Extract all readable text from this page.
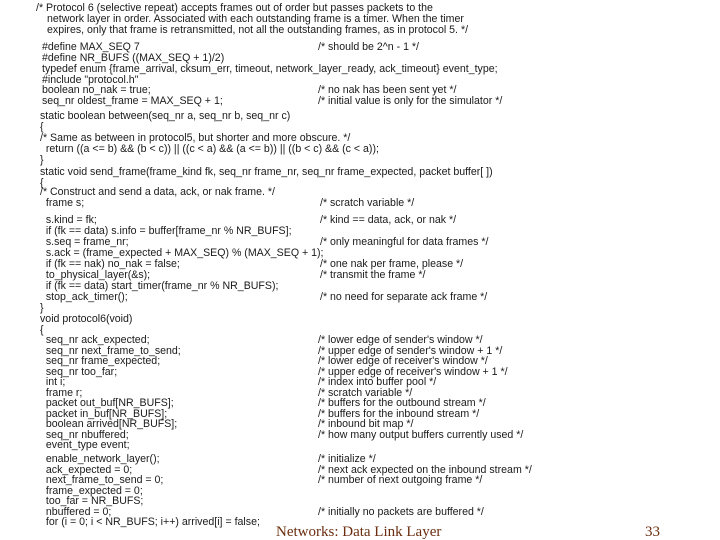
/* Protocol 6 (selective repeat) accepts frames out of order but passes packets to the
network layer in order. Associated with each outstanding frame is a timer. When the timer
expires, only that frame is retransmitted, not all the outstanding frames, as in protocol 5. */
#define MAX_SEQ 7	/* should be 2^n - 1 */
#define NR_BUFS ((MAX_SEQ + 1)/2)
typedef enum {frame_arrival, cksum_err, timeout, network_layer_ready, ack_timeout} event_type;
#include "protocol.h"
boolean no_nak = true;	/* no nak has been sent yet */
seq_nr oldest_frame = MAX_SEQ + 1;	/* initial value is only for the simulator */
static boolean between(seq_nr a, seq_nr b, seq_nr c)
{
/* Same as between in protocol5, but shorter and more obscure. */
return ((a <= b) && (b < c)) || ((c < a) && (a <= b)) || ((b < c) && (c < a));
}
static void send_frame(frame_kind fk, seq_nr frame_nr, seq_nr frame_expected, packet buffer[ ])
{
/* Construct and send a data, ack, or nak frame. */
frame s;	/* scratch variable */
s.kind = fk;	/* kind == data, ack, or nak */
if (fk == data) s.info = buffer[frame_nr % NR_BUFS];
s.seq = frame_nr;	/* only meaningful for data frames */
s.ack = (frame_expected + MAX_SEQ) % (MAX_SEQ + 1);
if (fk == nak) no_nak = false;	/* one nak per frame, please */
to_physical_layer(&s);	/* transmit the frame */
if (fk == data) start_timer(frame_nr % NR_BUFS);
stop_ack_timer();	/* no need for separate ack frame */
}
void protocol6(void)
{
seq_nr ack_expected;	/* lower edge of sender's window */
seq_nr next_frame_to_send;	/* upper edge of sender's window + 1 */
seq_nr frame_expected;	/* lower edge of receiver's window */
seq_nr too_far;	/* upper edge of receiver's window + 1 */
int i;	/* index into buffer pool */
frame r;	/* scratch variable */
packet out_buf[NR_BUFS];	/* buffers for the outbound stream */
packet in_buf[NR_BUFS];	/* buffers for the inbound stream */
boolean arrived[NR_BUFS];	/* inbound bit map */
seq_nr nbuffered;	/* how many output buffers currently used */
event_type event;
enable_network_layer();	/* initialize */
ack_expected = 0;	/* next ack expected on the inbound stream */
next_frame_to_send = 0;	/* number of next outgoing frame */
frame_expected = 0;
too_far = NR_BUFS;
nbuffered = 0;	/* initially no packets are buffered */
for (i = 0; i < NR_BUFS; i++) arrived[i] = false;
Networks: Data Link Layer	33
